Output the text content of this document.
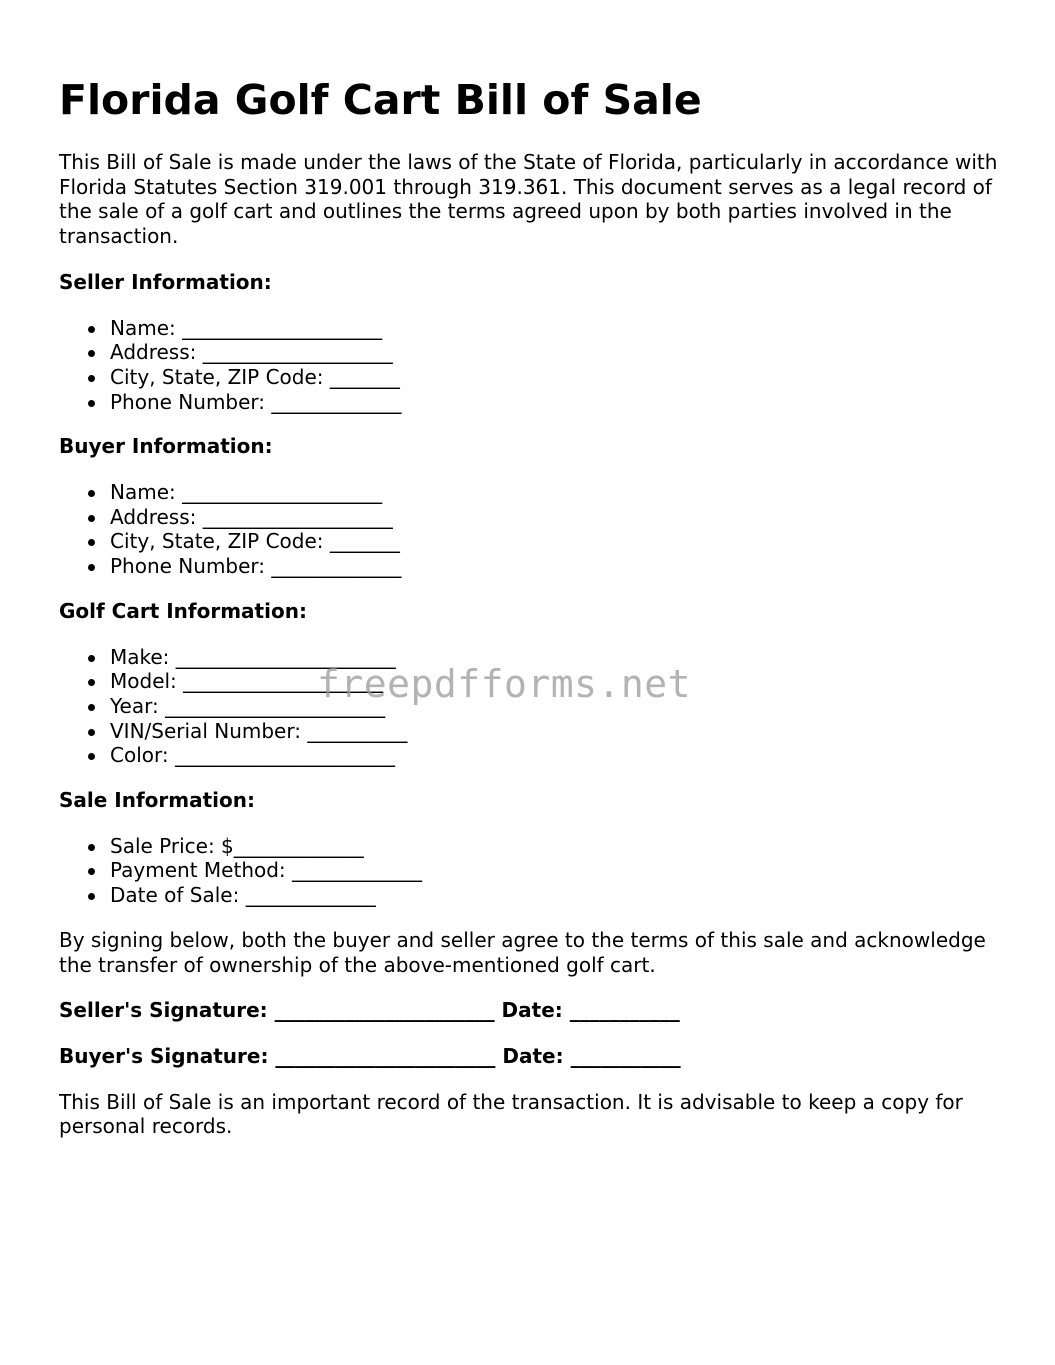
Florida Golf Cart Bill of Sale

This Bill of Sale is made under the laws of the State of Florida, particularly in accordance with Florida Statutes Section 319.001 through 319.361. This document serves as a legal record of the sale of a golf cart and outlines the terms agreed upon by both parties involved in the transaction.

Seller Information:
Name: ____________________
Address: ___________________
City, State, ZIP Code: _______
Phone Number: _____________
Buyer Information:
Name: ____________________
Address: ___________________
City, State, ZIP Code: _______
Phone Number: _____________
Golf Cart Information:
Make: ______________________
Model: ____________________
Year: ______________________
VIN/Serial Number: __________
Color: ______________________
Sale Information:
Sale Price: $_____________
Payment Method: _____________
Date of Sale: _____________

By signing below, both the buyer and seller agree to the terms of this sale and acknowledge the transfer of ownership of the above-mentioned golf cart.

Seller's Signature: ______________________ Date: ___________
Buyer's Signature: ______________________ Date: ___________

This Bill of Sale is an important record of the transaction. It is advisable to keep a copy for personal records.

freepdfforms.net
